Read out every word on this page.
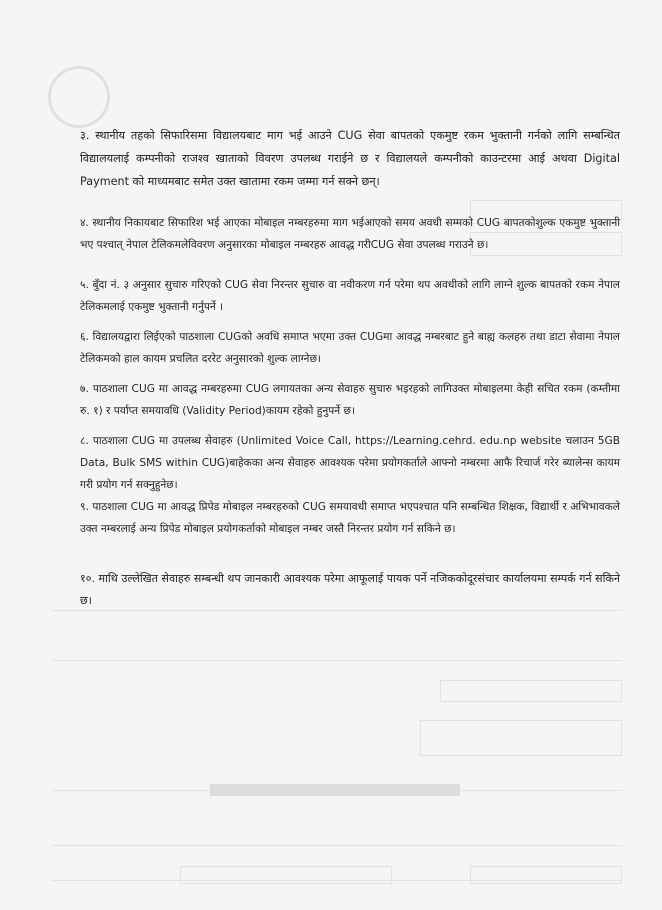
३. स्थानीय तहको सिफारिसमा विद्यालयबाट माग भई आउने CUG सेवा बापतको एकमुष्ट रकम भुक्तानी गर्नको लागि सम्बन्धित विद्यालयलाई कम्पनीको राजश्व खाताको विवरण उपलब्ध गराईने छ र विद्यालयले कम्पनीको काउन्टरमा आई अथवा Digital Payment को माध्यमबाट समेत उक्त खातामा रकम जम्मा गर्न सक्ने छन्।
४. स्थानीय निकायबाट सिफारिश भई आएका मोबाइल नम्बरहरुमा माग भईआएको समय अवधी सम्मको CUG बापतकोशुल्क एकमुष्ट भुक्तानी भए पश्चात् नेपाल टेलिकमलेविवरण अनुसारका मोबाइल नम्बरहरु आवद्ध गरीCUG सेवा उपलब्ध गराउने छ।
५. बुँदा नं. ३ अनुसार सुचारु गरिएको CUG सेवा निरन्तर सुचारु वा नवीकरण गर्न परेमा थप अवधीको लागि लाग्ने शुल्क बापतको रकम नेपाल टेलिकमलाई एकमुष्ट भुक्तानी गर्नुपर्ने ।
६. विद्यालयद्वारा लिईएको पाठशाला CUGको अवधि समाप्त भएमा उक्त CUGमा आवद्ध नम्बरबाट हुने बाह्य कलहरु तथा डाटा सेवामा नेपाल टेलिकमको हाल कायम प्रचलित दररेट अनुसारको शुल्क लाग्नेछ।
७. पाठशाला CUG मा आवद्ध नम्बरहरुमा CUG लगायतका अन्य सेवाहरु सुचारु भइरहको लागिउक्त मोबाइलमा केही सचित रकम (कम्तीमा रु. १) र पर्याप्त समयावधि (Validity Period)कायम रहेको हुनुपर्ने छ।
८. पाठशाला CUG मा उपलब्ध सेवाहरु (Unlimited Voice Call, https://Learning.cehrd. edu.np website चलाउन 5GB Data, Bulk SMS within CUG)बाहेकका अन्य सेवाहरु आवश्यक परेमा प्रयोगकर्ताले आफ्नो नम्बरमा आफै रिचार्ज गरेर ब्यालेन्स कायम गरी प्रयोग गर्न सक्नुहुनेछ।
९. पाठशाला CUG मा आवद्ध प्रिपेड मोबाइल नम्बरहरुको CUG समयावधी समाप्त भएपश्चात पनि सम्बन्धित शिक्षक, विद्यार्थी र अभिभावकले उक्त नम्बरलाई अन्य प्रिपेड मोबाइल प्रयोगकर्ताको मोबाइल नम्बर जस्तै निरन्तर प्रयोग गर्न सकिने छ।
१०. माथि उल्लेखित सेवाहरु सम्बन्धी थप जानकारी आवश्यक परेमा आफूलाई पायक पर्ने नजिककोदूरसंचार कार्यालयमा सम्पर्क गर्न सकिने छ।
